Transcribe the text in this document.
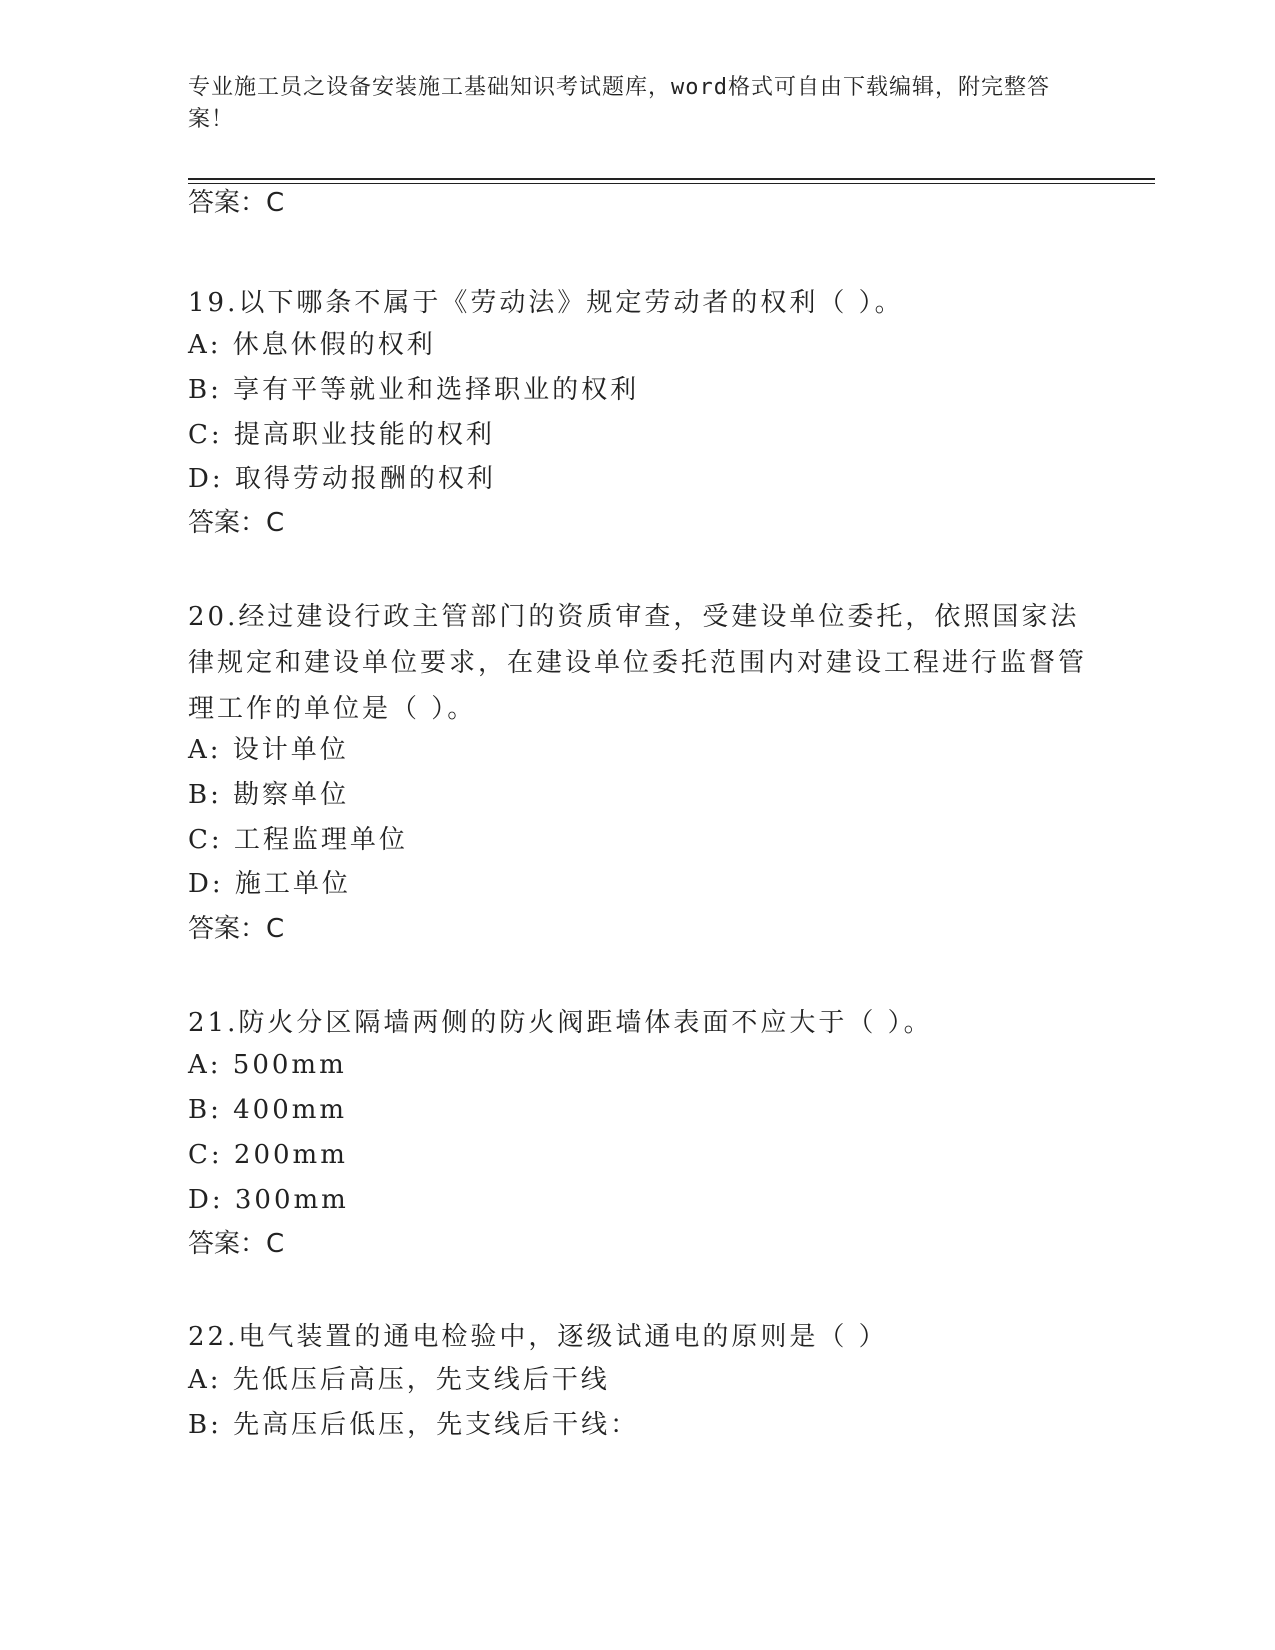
专业施工员之设备安装施工基础知识考试题库，word格式可自由下载编辑，附完整答案！
答案：C
19.以下哪条不属于《劳动法》规定劳动者的权利（ ）。
A: 休息休假的权利
B: 享有平等就业和选择职业的权利
C: 提高职业技能的权利
D: 取得劳动报酬的权利
答案：C
20.经过建设行政主管部门的资质审查，受建设单位委托，依照国家法律规定和建设单位要求，在建设单位委托范围内对建设工程进行监督管理工作的单位是（ ）。
A: 设计单位
B: 勘察单位
C: 工程监理单位
D: 施工单位
答案：C
21.防火分区隔墙两侧的防火阀距墙体表面不应大于（ ）。
A: 500mm
B: 400mm
C: 200mm
D: 300mm
答案：C
22.电气装置的通电检验中，逐级试通电的原则是（ ）
A: 先低压后高压，先支线后干线
B: 先高压后低压，先支线后干线：
